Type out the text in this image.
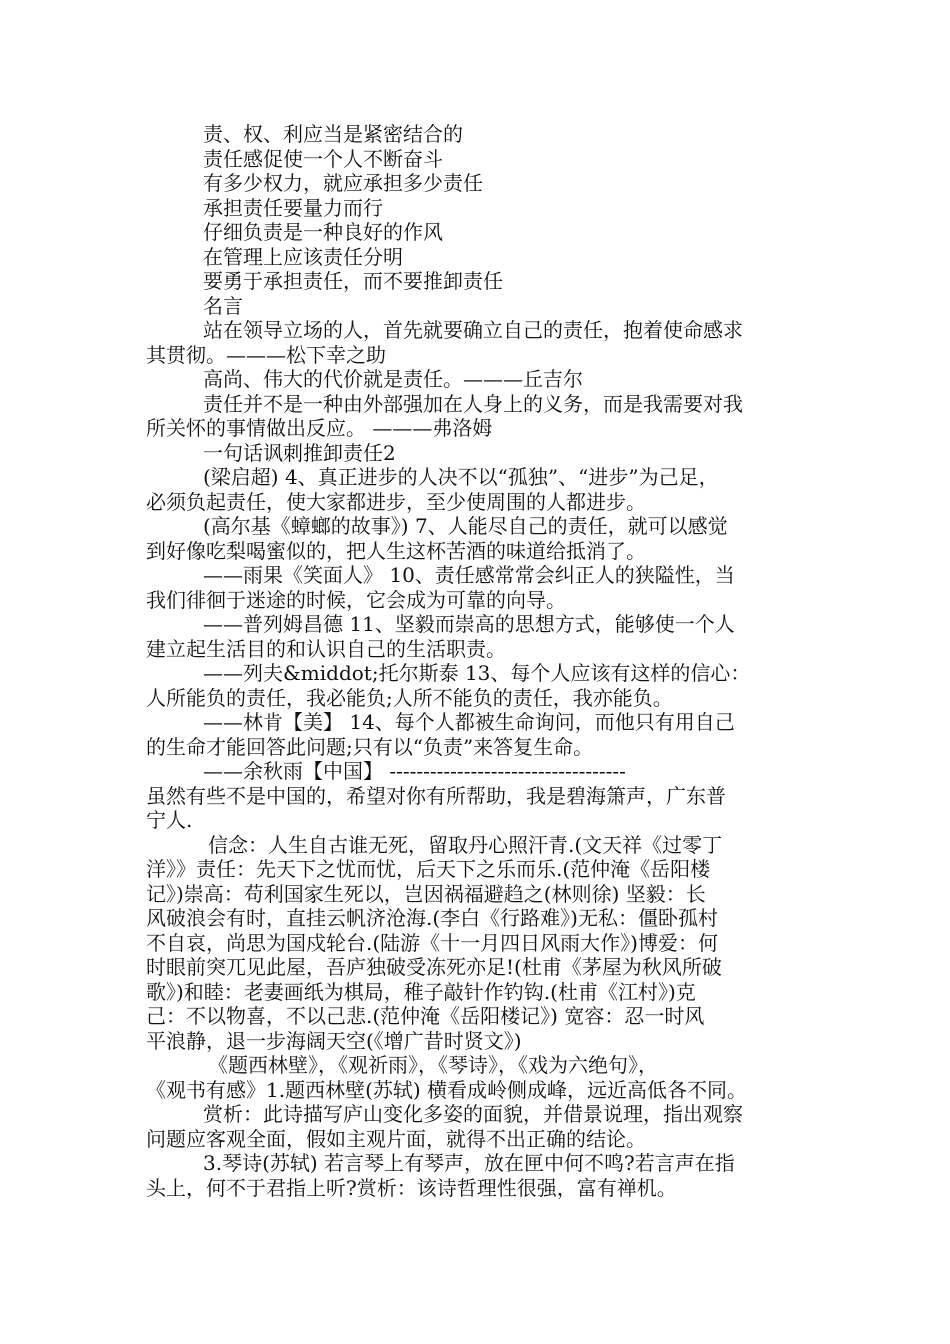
责、权、利应当是紧密结合的
责任感促使一个人不断奋斗
有多少权力，就应承担多少责任
承担责任要量力而行
仔细负责是一种良好的作风
在管理上应该责任分明
要勇于承担责任，而不要推卸责任
名言
站在领导立场的人，首先就要确立自己的责任，抱着使命感求
其贯彻。———松下幸之助
高尚、伟大的代价就是责任。———丘吉尔
责任并不是一种由外部强加在人身上的义务，而是我需要对我
所关怀的事情做出反应。 ———弗洛姆
一句话讽刺推卸责任2
(梁启超) 4、真正进步的人决不以“孤独”、“进步”为己足，
必须负起责任，使大家都进步，至少使周围的人都进步。
(高尔基《蟑螂的故事》) 7、人能尽自己的责任，就可以感觉
到好像吃梨喝蜜似的，把人生这杯苦酒的味道给抵消了。
——雨果《笑面人》 10、责任感常常会纠正人的狭隘性，当
我们徘徊于迷途的时候，它会成为可靠的向导。
——普列姆昌德 11、坚毅而崇高的思想方式，能够使一个人
建立起生活目的和认识自己的生活职责。
——列夫&middot;托尔斯泰 13、每个人应该有这样的信心：
人所能负的责任，我必能负;人所不能负的责任，我亦能负。
——林肯【美】 14、每个人都被生命询问，而他只有用自己
的生命才能回答此问题;只有以“负责”来答复生命。
——余秋雨【中国】 -----------------------------------
虽然有些不是中国的，希望对你有所帮助，我是碧海箫声，广东普
宁人.
信念：人生自古谁无死，留取丹心照汗青.(文天祥《过零丁
洋》》责任：先天下之忧而忧，后天下之乐而乐.(范仲淹《岳阳楼
记》)崇高：苟利国家生死以，岂因祸福避趋之(林则徐) 坚毅：长
风破浪会有时，直挂云帆济沧海.(李白《行路难》)无私：僵卧孤村
不自哀，尚思为国戍轮台.(陆游《十一月四日风雨大作》)博爱：何
时眼前突兀见此屋，吾庐独破受冻死亦足!(杜甫《茅屋为秋风所破
歌》)和睦：老妻画纸为棋局，稚子敲针作钓钩.(杜甫《江村》)克
己：不以物喜，不以己悲.(范仲淹《岳阳楼记》) 宽容：忍一时风
平浪静，退一步海阔天空(《增广昔时贤文》)
《题西林壁》，《观祈雨》，《琴诗》，《戏为六绝句》，
《观书有感》1.题西林壁(苏轼) 横看成岭侧成峰，远近高低各不同。
赏析：此诗描写庐山变化多姿的面貌，并借景说理，指出观察
问题应客观全面，假如主观片面，就得不出正确的结论。
3.琴诗(苏轼) 若言琴上有琴声，放在匣中何不鸣?若言声在指
头上，何不于君指上听?赏析：该诗哲理性很强，富有禅机。
